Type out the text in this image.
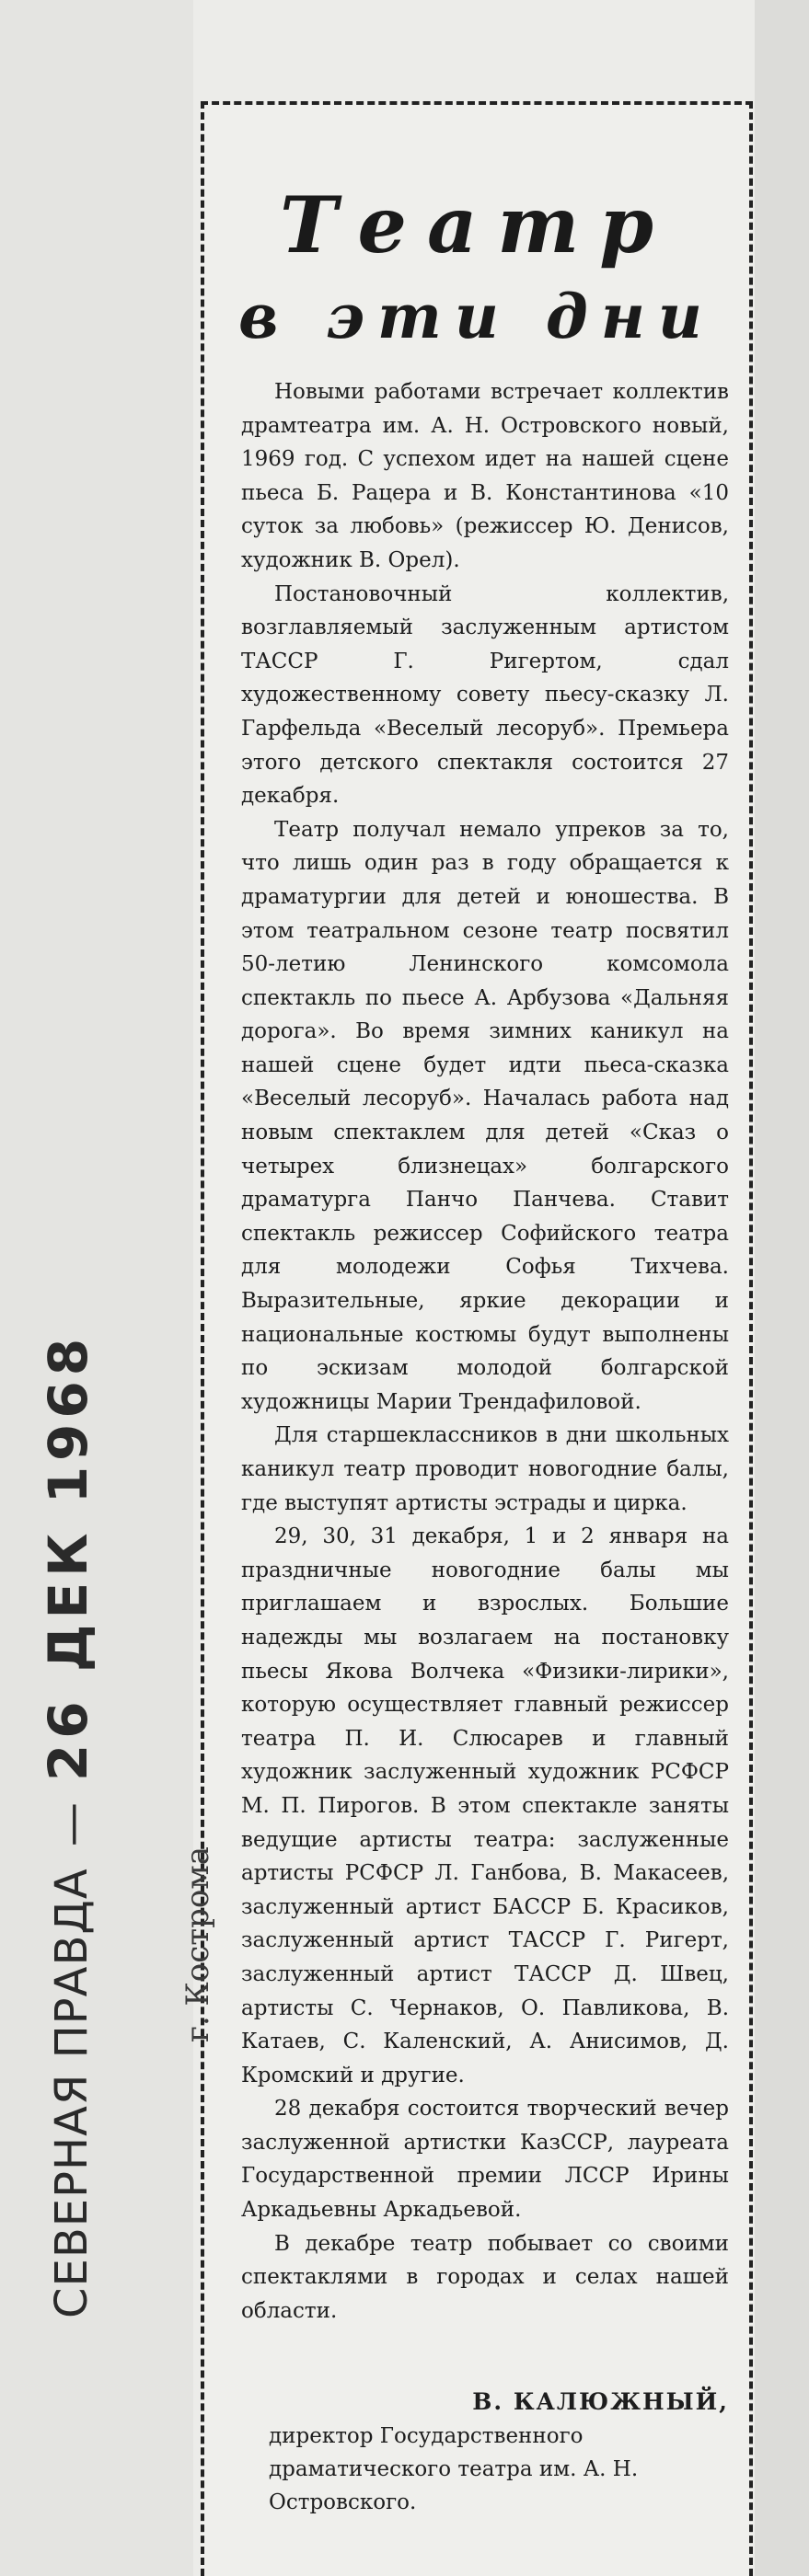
Театр
в эти дни

Новыми работами встречает коллектив драмтеатра им. А. Н. Островского новый, 1969 год. С успехом идет на нашей сцене пьеса Б. Рацера и В. Константинова «10 суток за любовь» (режиссер Ю. Денисов, художник В. Орел).

Постановочный коллектив, возглавляемый заслуженным артистом ТАССР Г. Ригертом, сдал художественному совету пьесу-сказку Л. Гарфельда «Веселый лесоруб». Премьера этого детского спектакля состоится 27 декабря.

Театр получал немало упреков за то, что лишь один раз в году обращается к драматургии для детей и юношества. В этом театральном сезоне театр посвятил 50-летию Ленинского комсомола спектакль по пьесе А. Арбузова «Дальняя дорога». Во время зимних каникул на нашей сцене будет идти пьеса-сказка «Веселый лесоруб». Началась работа над новым спектаклем для детей «Сказ о четырех близнецах» болгарского драматурга Панчо Панчева. Ставит спектакль режиссер Софийского театра для молодежи Софья Тихчева. Выразительные, яркие декорации и национальные костюмы будут выполнены по эскизам молодой болгарской художницы Марии Трендафиловой.

Для старшеклассников в дни школьных каникул театр проводит новогодние балы, где выступят артисты эстрады и цирка.

29, 30, 31 декабря, 1 и 2 января на праздничные новогодние балы мы приглашаем и взрослых. Большие надежды мы возлагаем на постановку пьесы Якова Волчека «Физики-лирики», которую осуществляет главный режиссер театра П. И. Слюсарев и главный художник заслуженный художник РСФСР М. П. Пирогов. В этом спектакле заняты ведущие артисты театра: заслуженные артисты РСФСР Л. Ганбова, В. Макасеев, заслуженный артист БАССР Б. Красиков, заслуженный артист ТАССР Г. Ригерт, заслуженный артист ТАССР Д. Швец, артисты С. Чернаков, О. Павликова, В. Катаев, С. Каленский, А. Анисимов, Д. Кромский и другие.

28 декабря состоится творческий вечер заслуженной артистки КазССР, лауреата Государственной премии ЛССР Ирины Аркадьевны Аркадьевой.

В декабре театр побывает со своими спектаклями в городах и селах нашей области.

В. КАЛЮЖНЫЙ,
директор Государственного драматического театра им. А. Н. Островского.
СЕВЕРНАЯ ПРАВДА — 26 ДЕК 1968
г. Кострома
